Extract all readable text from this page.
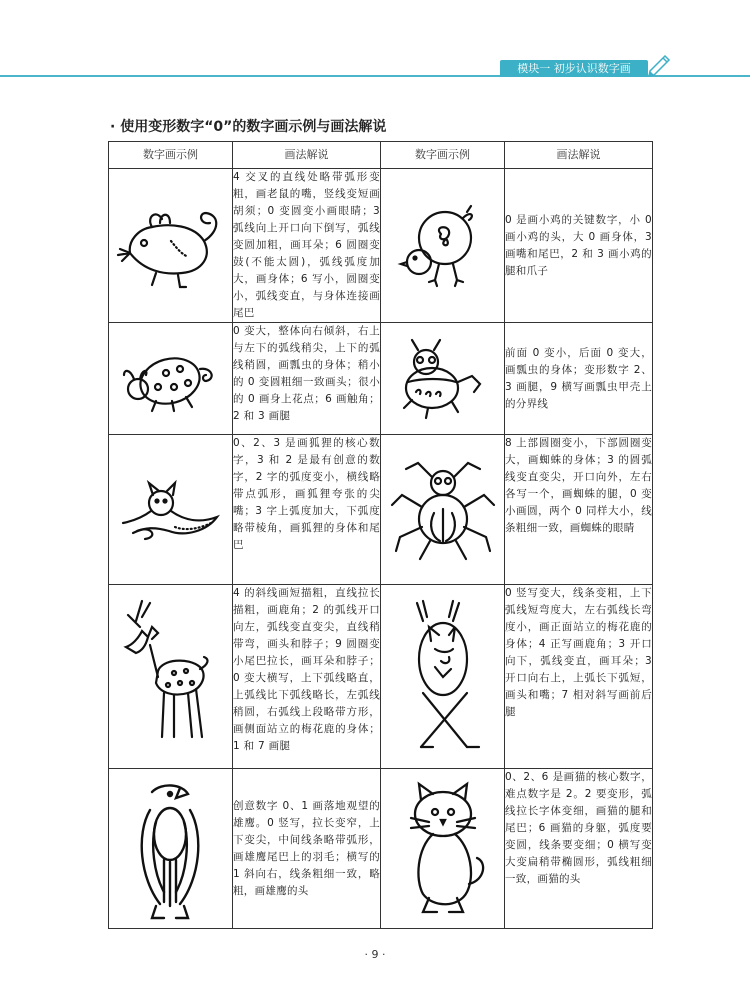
模块一 初步认识数字画
· 使用变形数字“0”的数字画示例与画法解说
数字画示例	画法解说	数字画示例	画法解说

	4 交叉的直线处略带弧形变粗，画老鼠的嘴，竖线变短画胡须；0 变圆变小画眼睛；3 弧线向上开口向下倒写，弧线变圆加粗，画耳朵；6 圆圈变鼓(不能太圆)，弧线弧度加大，画身体；6 写小，圆圈变小，弧线变直，与身体连接画尾巴		0 是画小鸡的关键数字，小 0 画小鸡的头，大 0 画身体，3 画嘴和尾巴，2 和 3 画小鸡的腿和爪子

	0 变大，整体向右倾斜，右上与左下的弧线稍尖，上下的弧线稍圆，画瓢虫的身体；稍小的 0 变圆粗细一致画头；很小的 0 画身上花点；6 画触角；2 和 3 画腿		前面 0 变小，后面 0 变大，画瓢虫的身体；变形数字 2、3 画腿，9 横写画瓢虫甲壳上的分界线

	0、2、3 是画狐狸的核心数字，3 和 2 是最有创意的数字，2 字的弧度变小，横线略带点弧形，画狐狸夸张的尖嘴；3 字上弧度加大，下弧度略带棱角，画狐狸的身体和尾巴		8 上部圆圈变小，下部圆圈变大，画蜘蛛的身体；3 的圆弧线变直变尖，开口向外，左右各写一个，画蜘蛛的腿，0 变小画圆，两个 0 同样大小，线条粗细一致，画蜘蛛的眼睛

	4 的斜线画短描粗，直线拉长描粗，画鹿角；2 的弧线开口向左，弧线变直变尖，直线稍带弯，画头和脖子；9 圆圈变小尾巴拉长，画耳朵和脖子；0 变大横写，上下弧线略直，上弧线比下弧线略长，左弧线稍圆，右弧线上段略带方形，画侧面站立的梅花鹿的身体；1 和 7 画腿		0 竖写变大，线条变粗，上下弧线短弯度大，左右弧线长弯度小，画正面站立的梅花鹿的身体；4 正写画鹿角；3 开口向下，弧线变直，画耳朵；3 开口向右上，上弧长下弧短，画头和嘴；7 相对斜写画前后腿

	创意数字 0、1 画落地观望的雄鹰。0 竖写，拉长变窄，上下变尖，中间线条略带弧形，画雄鹰尾巴上的羽毛；横写的 1 斜向右，线条粗细一致，略粗，画雄鹰的头		0、2、6 是画猫的核心数字，难点数字是 2。2 要变形，弧线拉长字体变细，画猫的腿和尾巴；6 画猫的身躯，弧度要变圆，线条要变细；0 横写变大变扁稍带椭圆形，弧线粗细一致，画猫的头
· 9 ·
